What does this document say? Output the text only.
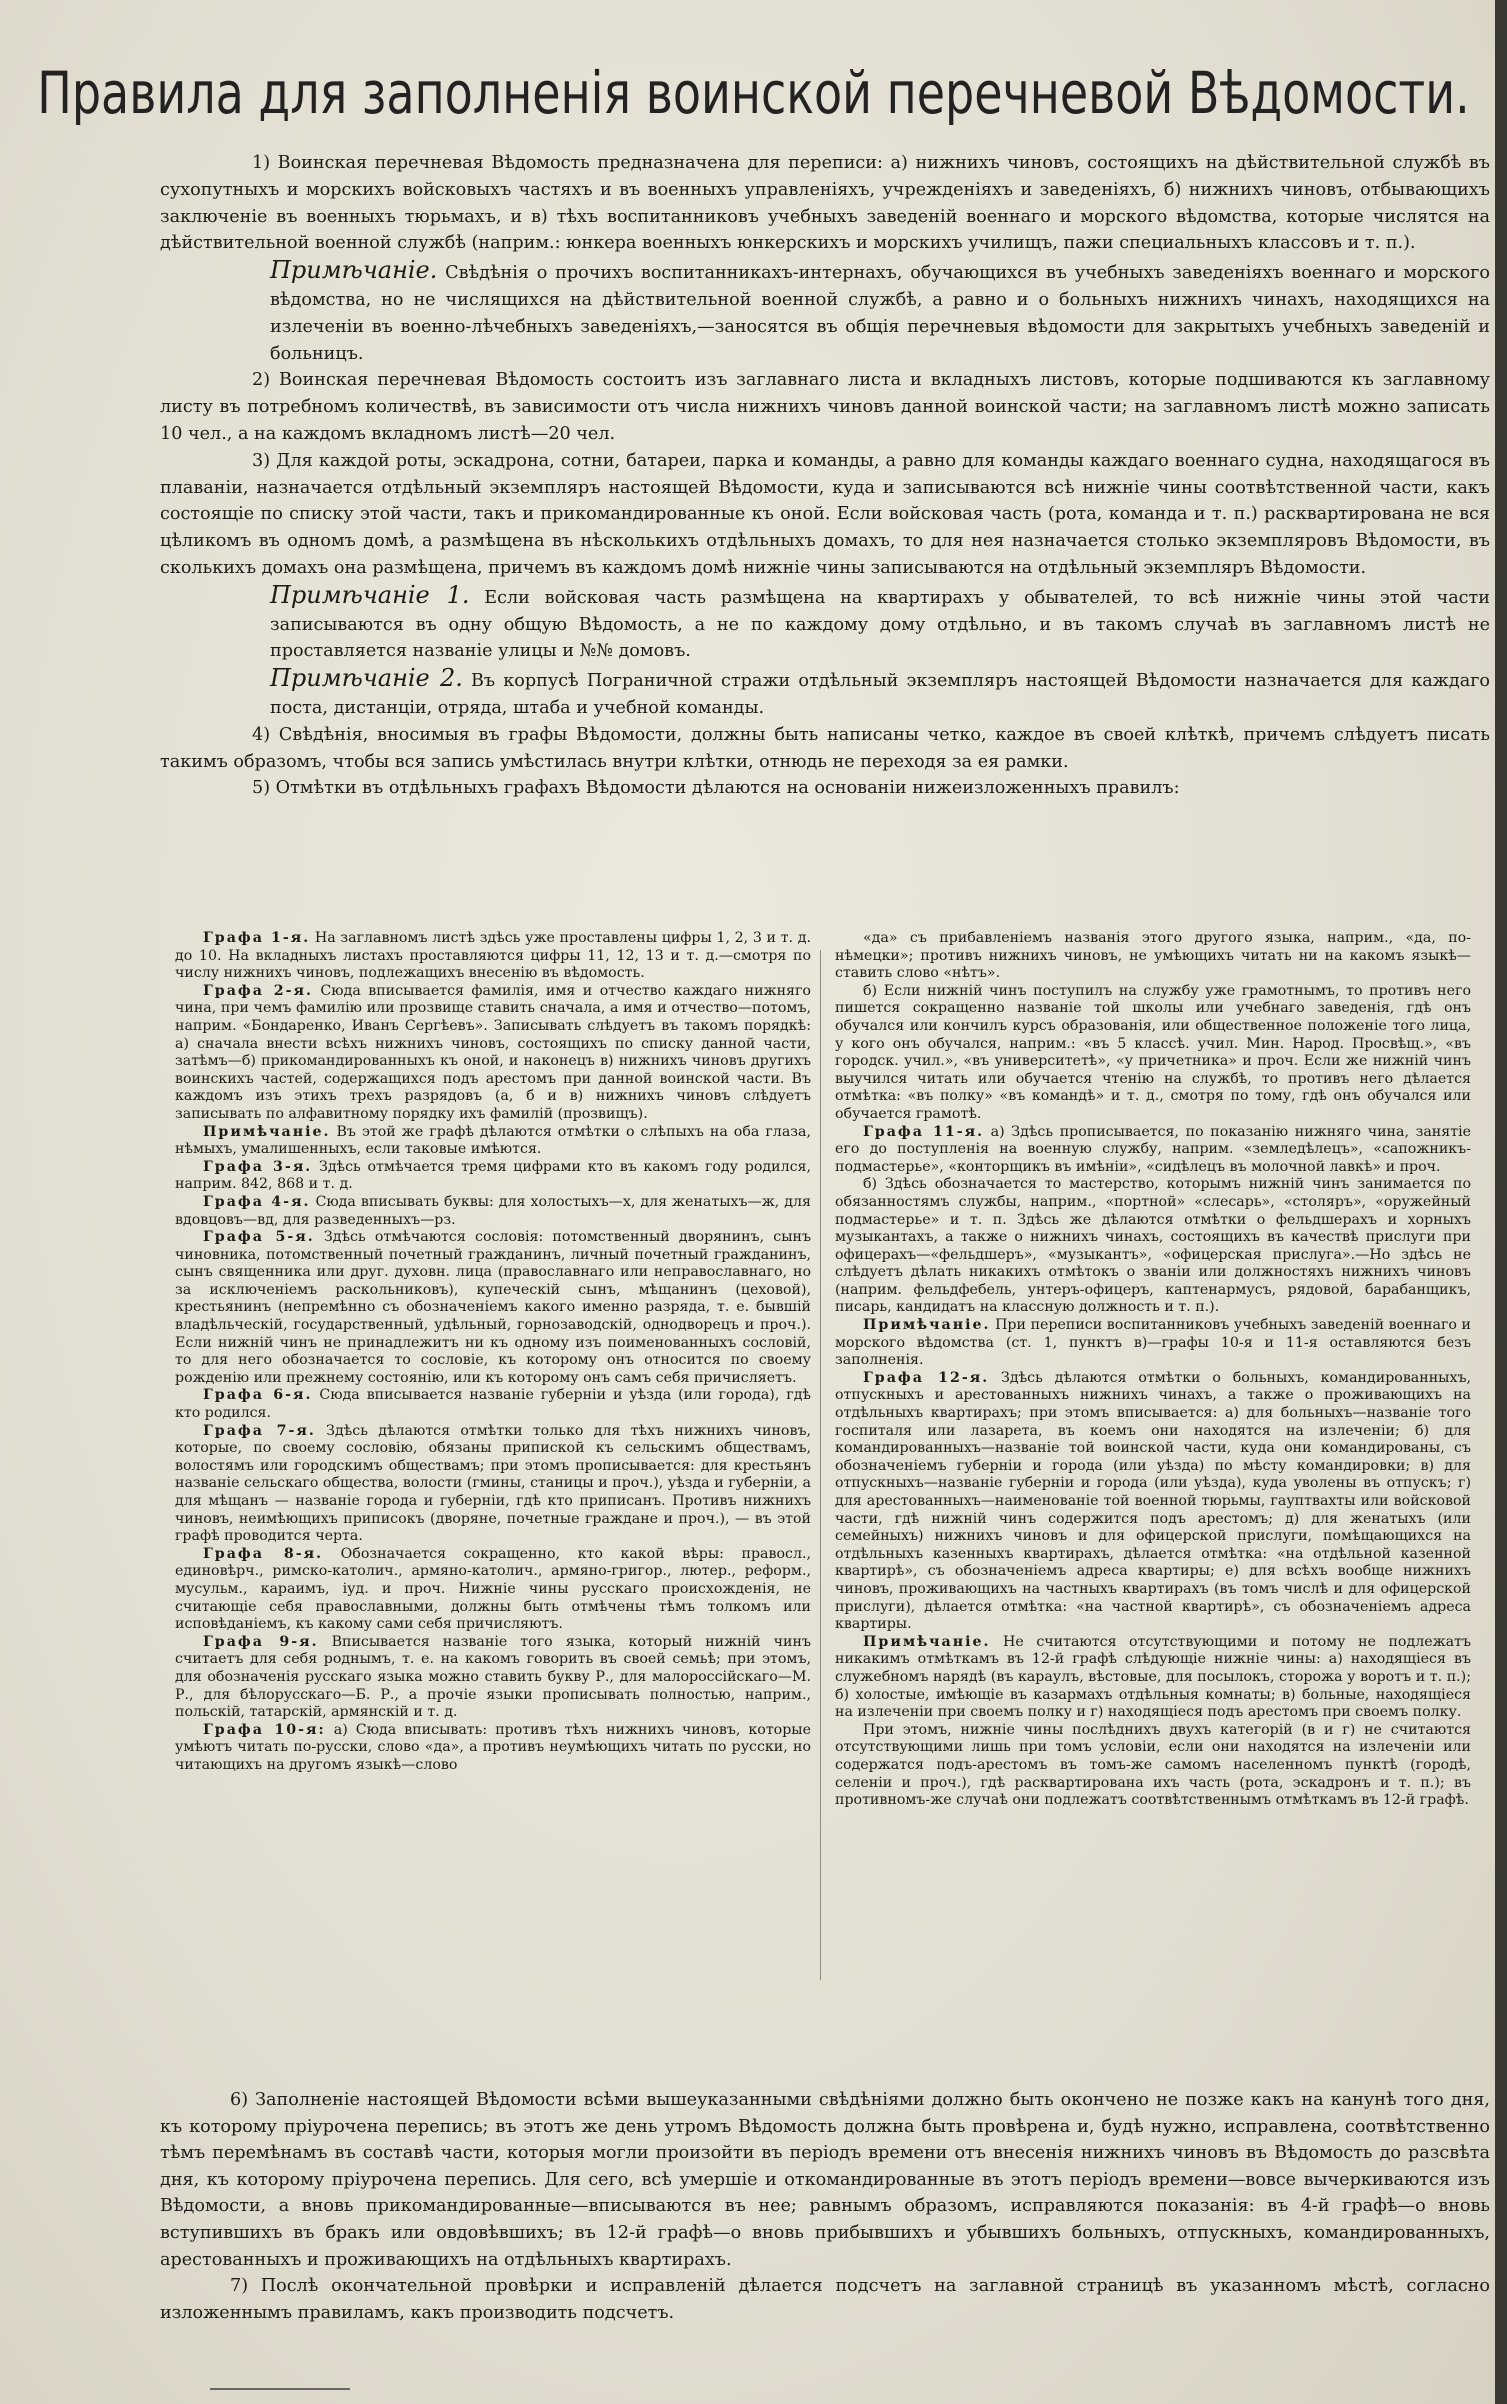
Правила для заполненія воинской перечневой Вѣдомости.

1) Воинская перечневая Вѣдомость предназначена для переписи: а) нижнихъ чиновъ, состоящихъ на дѣйствительной службѣ въ сухопутныхъ и морскихъ войсковыхъ частяхъ и въ военныхъ управленіяхъ, учрежденіяхъ и заведеніяхъ, б) нижнихъ чиновъ, отбывающихъ заключеніе въ военныхъ тюрьмахъ, и в) тѣхъ воспитанниковъ учебныхъ заведеній военнаго и морского вѣдомства, которые числятся на дѣйствительной военной службѣ (наприм.: юнкера военныхъ юнкерскихъ и морскихъ училищъ, пажи специальныхъ классовъ и т. п.).

Примѣчаніе. Свѣдѣнія о прочихъ воспитанникахъ-интернахъ, обучающихся въ учебныхъ заведеніяхъ военнаго и морского вѣдомства, но не числящихся на дѣйствительной военной службѣ, а равно и о больныхъ нижнихъ чинахъ, находящихся на излеченіи въ военно-лѣчебныхъ заведеніяхъ,—заносятся въ общія перечневыя вѣдомости для закрытыхъ учебныхъ заведеній и больницъ.

2) Воинская перечневая Вѣдомость состоитъ изъ заглавнаго листа и вкладныхъ листовъ, которые подшиваются къ заглавному листу въ потребномъ количествѣ, въ зависимости отъ числа нижнихъ чиновъ данной воинской части; на заглавномъ листѣ можно записать 10 чел., а на каждомъ вкладномъ листѣ—20 чел.

3) Для каждой роты, эскадрона, сотни, батареи, парка и команды, а равно для команды каждаго военнаго судна, находящагося въ плаваніи, назначается отдѣльный экземпляръ настоящей Вѣдомости, куда и записываются всѣ нижніе чины соотвѣтственной части, какъ состоящіе по списку этой части, такъ и прикомандированные къ оной. Если войсковая часть (рота, команда и т. п.) расквартирована не вся цѣликомъ въ одномъ домѣ, а размѣщена въ нѣсколькихъ отдѣльныхъ домахъ, то для нея назначается столько экземпляровъ Вѣдомости, въ сколькихъ домахъ она размѣщена, причемъ въ каждомъ домѣ нижніе чины записываются на отдѣльный экземпляръ Вѣдомости.

Примѣчаніе 1. Если войсковая часть размѣщена на квартирахъ у обывателей, то всѣ нижніе чины этой части записываются въ одну общую Вѣдомость, а не по каждому дому отдѣльно, и въ такомъ случаѣ въ заглавномъ листѣ не проставляется названіе улицы и №№ домовъ.

Примѣчаніе 2. Въ корпусѣ Пограничной стражи отдѣльный экземпляръ настоящей Вѣдомости назначается для каждаго поста, дистанціи, отряда, штаба и учебной команды.

4) Свѣдѣнія, вносимыя въ графы Вѣдомости, должны быть написаны четко, каждое въ своей клѣткѣ, причемъ слѣдуетъ писать такимъ образомъ, чтобы вся запись умѣстилась внутри клѣтки, отнюдь не переходя за ея рамки.

5) Отмѣтки въ отдѣльныхъ графахъ Вѣдомости дѣлаются на основаніи нижеизложенныхъ правилъ:

Графа 1-я. На заглавномъ листѣ здѣсь уже проставлены цифры 1, 2, 3 и т. д. до 10. На вкладныхъ листахъ проставляются цифры 11, 12, 13 и т. д.—смотря по числу нижнихъ чиновъ, подлежащихъ внесенію въ вѣдомость.

Графа 2-я. Сюда вписывается фамилія, имя и отчество каждаго нижняго чина, при чемъ фамилію или прозвище ставить сначала, а имя и отчество—потомъ, наприм. «Бондаренко, Иванъ Сергѣевъ». Записывать слѣдуетъ въ такомъ порядкѣ: а) сначала внести всѣхъ нижнихъ чиновъ, состоящихъ по списку данной части, затѣмъ—б) прикомандированныхъ къ оной, и наконецъ в) нижнихъ чиновъ другихъ воинскихъ частей, содержащихся подъ арестомъ при данной воинской части. Въ каждомъ изъ этихъ трехъ разрядовъ (а, б и в) нижнихъ чиновъ слѣдуетъ записывать по алфавитному порядку ихъ фамилій (прозвищъ).

Примѣчаніе. Въ этой же графѣ дѣлаются отмѣтки о слѣпыхъ на оба глаза, нѣмыхъ, умалишенныхъ, если таковые имѣются.

Графа 3-я. Здѣсь отмѣчается тремя цифрами кто въ какомъ году родился, наприм. 842, 868 и т. д.

Графа 4-я. Сюда вписывать буквы: для холостыхъ—х, для женатыхъ—ж, для вдовцовъ—вд, для разведенныхъ—рз.

Графа 5-я. Здѣсь отмѣчаются сословія: потомственный дворянинъ, сынъ чиновника, потомственный почетный гражданинъ, личный почетный гражданинъ, сынъ священника или друг. духовн. лица (православнаго или неправославнаго, но за исключеніемъ раскольниковъ), купеческій сынъ, мѣщанинъ (цеховой), крестьянинъ (непремѣнно съ обозначеніемъ какого именно разряда, т. е. бывшій владѣльческій, государственный, удѣльный, горнозаводскій, однодворецъ и проч.). Если нижній чинъ не принадлежитъ ни къ одному изъ поименованныхъ сословій, то для него обозначается то сословіе, къ которому онъ относится по своему рожденію или прежнему состоянію, или къ которому онъ самъ себя причисляетъ.

Графа 6-я. Сюда вписывается названіе губерніи и уѣзда (или города), гдѣ кто родился.

Графа 7-я. Здѣсь дѣлаются отмѣтки только для тѣхъ нижнихъ чиновъ, которые, по своему сословію, обязаны припиской къ сельскимъ обществамъ, волостямъ или городскимъ обществамъ; при этомъ прописывается: для крестьянъ названіе сельскаго общества, волости (гмины, станицы и проч.), уѣзда и губерніи, а для мѣщанъ — названіе города и губерніи, гдѣ кто приписанъ. Противъ нижнихъ чиновъ, неимѣющихъ приписокъ (дворяне, почетные граждане и проч.), — въ этой графѣ проводится черта.

Графа 8-я. Обозначается сокращенно, кто какой вѣры: правосл., единовѣрч., римско-католич., армяно-католич., армяно-григор., лютер., реформ., мусульм., караимъ, іуд. и проч. Нижніе чины русскаго происхожденія, не считающіе себя православными, должны быть отмѣчены тѣмъ толкомъ или исповѣданіемъ, къ какому сами себя причисляютъ.

Графа 9-я. Вписывается названіе того языка, который нижній чинъ считаетъ для себя роднымъ, т. е. на какомъ говорить въ своей семьѣ; при этомъ, для обозначенія русскаго языка можно ставить букву Р., для малороссійскаго—М. Р., для бѣлорусскаго—Б. Р., а прочіе языки прописывать полностью, наприм., польскій, татарскій, армянскій и т. д.

Графа 10-я: а) Сюда вписывать: противъ тѣхъ нижнихъ чиновъ, которые умѣютъ читать по-русски, слово «да», а противъ неумѣющихъ читать по русски, но читающихъ на другомъ языкѣ—слово

«да» съ прибавленіемъ названія этого другого языка, наприм., «да, по-нѣмецки»; противъ нижнихъ чиновъ, не умѣющихъ читать ни на какомъ языкѣ—ставить слово «нѣтъ».

б) Если нижній чинъ поступилъ на службу уже грамотнымъ, то противъ него пишется сокращенно названіе той школы или учебнаго заведенія, гдѣ онъ обучался или кончилъ курсъ образованія, или общественное положеніе того лица, у кого онъ обучался, наприм.: «въ 5 классѣ. учил. Мин. Народ. Просвѣщ.», «въ городск. учил.», «въ университетѣ», «у причетника» и проч. Если же нижній чинъ выучился читать или обучается чтенію на службѣ, то противъ него дѣлается отмѣтка: «въ полку» «въ командѣ» и т. д., смотря по тому, гдѣ онъ обучался или обучается грамотѣ.

Графа 11-я. а) Здѣсь прописывается, по показанію нижняго чина, занятіе его до поступленія на военную службу, наприм. «земледѣлецъ», «сапожникъ-подмастерье», «конторщикъ въ имѣніи», «сидѣлецъ въ молочной лавкѣ» и проч.

б) Здѣсь обозначается то мастерство, которымъ нижній чинъ занимается по обязанностямъ службы, наприм., «портной» «слесарь», «столяръ», «оружейный подмастерье» и т. п. Здѣсь же дѣлаются отмѣтки о фельдшерахъ и хорныхъ музыкантахъ, а также о нижнихъ чинахъ, состоящихъ въ качествѣ прислуги при офицерахъ—«фельдшеръ», «музыкантъ», «офицерская прислуга».—Но здѣсь не слѣдуетъ дѣлать никакихъ отмѣтокъ о званіи или должностяхъ нижнихъ чиновъ (наприм. фельдфебель, унтеръ-офицеръ, каптенармусъ, рядовой, барабанщикъ, писарь, кандидатъ на классную должность и т. п.).

Примѣчаніе. При переписи воспитанниковъ учебныхъ заведеній военнаго и морского вѣдомства (ст. 1, пунктъ в)—графы 10-я и 11-я оставляются безъ заполненія.

Графа 12-я. Здѣсь дѣлаются отмѣтки о больныхъ, командированныхъ, отпускныхъ и арестованныхъ нижнихъ чинахъ, а также о проживающихъ на отдѣльныхъ квартирахъ; при этомъ вписывается: а) для больныхъ—названіе того госпиталя или лазарета, въ коемъ они находятся на излеченіи; б) для командированныхъ—названіе той воинской части, куда они командированы, съ обозначеніемъ губерніи и города (или уѣзда) по мѣсту командировки; в) для отпускныхъ—названіе губерніи и города (или уѣзда), куда уволены въ отпускъ; г) для арестованныхъ—наименованіе той военной тюрьмы, гауптвахты или войсковой части, гдѣ нижній чинъ содержится подъ арестомъ; д) для женатыхъ (или семейныхъ) нижнихъ чиновъ и для офицерской прислуги, помѣщающихся на отдѣльныхъ казенныхъ квартирахъ, дѣлается отмѣтка: «на отдѣльной казенной квартирѣ», съ обозначеніемъ адреса квартиры; е) для всѣхъ вообще нижнихъ чиновъ, проживающихъ на частныхъ квартирахъ (въ томъ числѣ и для офицерской прислуги), дѣлается отмѣтка: «на частной квартирѣ», съ обозначеніемъ адреса квартиры.

Примѣчаніе. Не считаются отсутствующими и потому не подлежатъ никакимъ отмѣткамъ въ 12-й графѣ слѣдующіе нижніе чины: а) находящіеся въ служебномъ нарядѣ (въ караулъ, вѣстовые, для посылокъ, сторожа у воротъ и т. п.); б) холостые, имѣющіе въ казармахъ отдѣльныя комнаты; в) больные, находящіеся на излеченіи при своемъ полку и г) находящіеся подъ арестомъ при своемъ полку.

При этомъ, нижніе чины послѣднихъ двухъ категорій (в и г) не считаются отсутствующими лишь при томъ условіи, если они находятся на излеченіи или содержатся подъ-арестомъ въ томъ-же самомъ населенномъ пунктѣ (городѣ, селеніи и проч.), гдѣ расквартирована ихъ часть (рота, эскадронъ и т. п.); въ противномъ-же случаѣ они подлежатъ соотвѣтственнымъ отмѣткамъ въ 12-й графѣ.

6) Заполненіе настоящей Вѣдомости всѣми вышеуказанными свѣдѣніями должно быть окончено не позже какъ на канунѣ того дня, къ которому пріурочена перепись; въ этотъ же день утромъ Вѣдомость должна быть провѣрена и, будѣ нужно, исправлена, соотвѣтственно тѣмъ перемѣнамъ въ составѣ части, которыя могли произойти въ періодъ времени отъ внесенія нижнихъ чиновъ въ Вѣдомость до разсвѣта дня, къ которому пріурочена перепись. Для сего, всѣ умершіе и откомандированные въ этотъ періодъ времени—вовсе вычеркиваются изъ Вѣдомости, а вновь прикомандированные—вписываются въ нее; равнымъ образомъ, исправляются показанія: въ 4-й графѣ—о вновь вступившихъ въ бракъ или овдовѣвшихъ; въ 12-й графѣ—о вновь прибывшихъ и убывшихъ больныхъ, отпускныхъ, командированныхъ, арестованныхъ и проживающихъ на отдѣльныхъ квартирахъ.

7) Послѣ окончательной провѣрки и исправленій дѣлается подсчетъ на заглавной страницѣ въ указанномъ мѣстѣ, согласно изложеннымъ правиламъ, какъ производить подсчетъ.
